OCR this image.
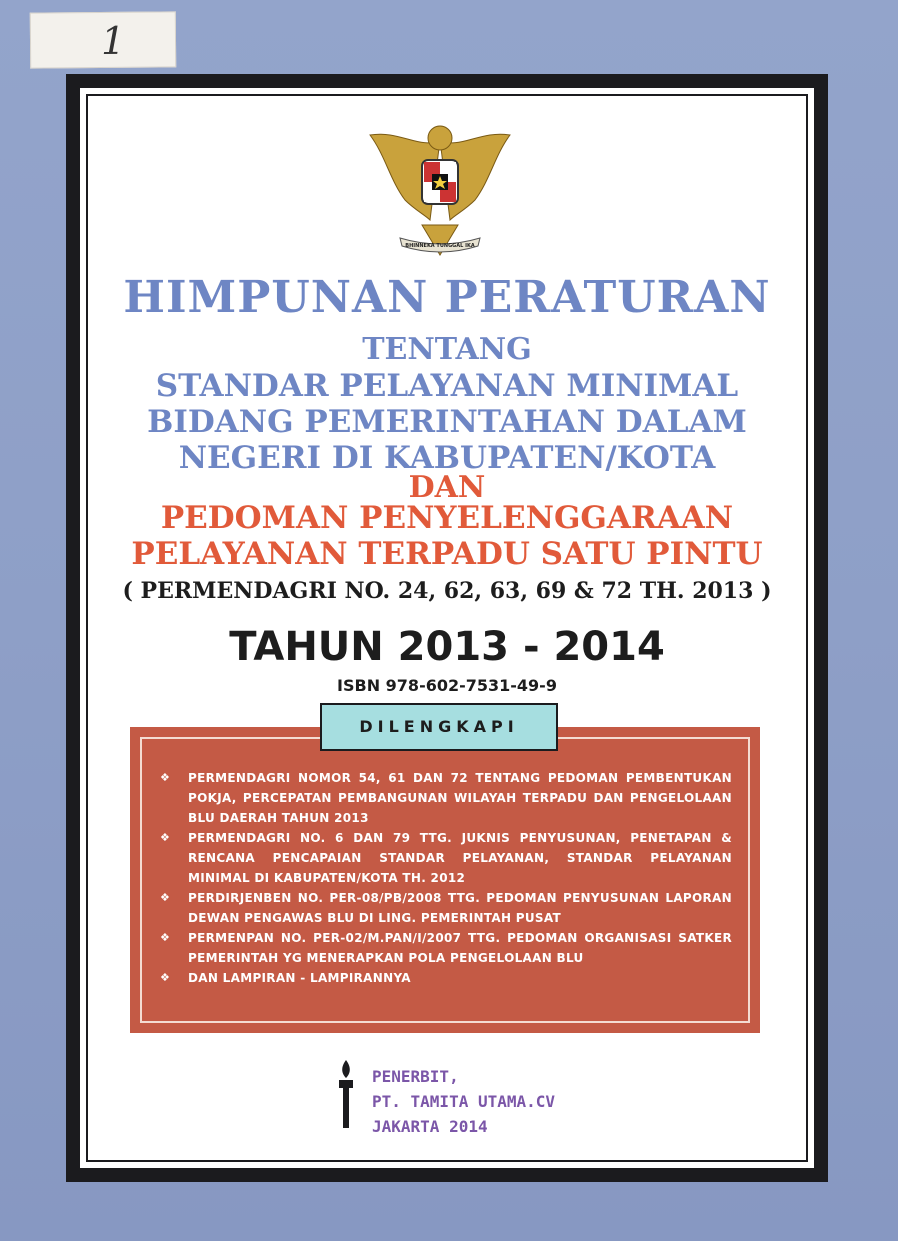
1
BHINNEKA TUNGGAL IKA
HIMPUNAN PERATURAN
TENTANG
STANDAR PELAYANAN MINIMAL
BIDANG PEMERINTAHAN DALAM
NEGERI DI KABUPATEN/KOTA
DAN
PEDOMAN PENYELENGGARAAN
PELAYANAN TERPADU SATU PINTU
( PERMENDAGRI NO. 24, 62, 63, 69 & 72 TH. 2013 )
TAHUN 2013 - 2014
ISBN 978-602-7531-49-9
DILENGKAPI
❖ PERMENDAGRI NOMOR 54, 61 DAN 72 TENTANG PEDOMAN PEMBENTUKAN POKJA, PERCEPATAN PEMBANGUNAN WILAYAH TERPADU DAN PENGELOLAAN BLU DAERAH TAHUN 2013
❖ PERMENDAGRI NO. 6 DAN 79 TTG. JUKNIS PENYUSUNAN, PENETAPAN & RENCANA PENCAPAIAN STANDAR PELAYANAN, STANDAR PELAYANAN MINIMAL DI KABUPATEN/KOTA TH. 2012
❖ PERDIRJENBEN NO. PER-08/PB/2008 TTG. PEDOMAN PENYUSUNAN LAPORAN DEWAN PENGAWAS BLU DI LING. PEMERINTAH PUSAT
❖ PERMENPAN NO. PER-02/M.PAN/I/2007 TTG. PEDOMAN ORGANISASI SATKER PEMERINTAH YG MENERAPKAN POLA PENGELOLAAN BLU
❖ DAN LAMPIRAN - LAMPIRANNYA
PENERBIT,
PT. TAMITA UTAMA.CV
JAKARTA 2014
